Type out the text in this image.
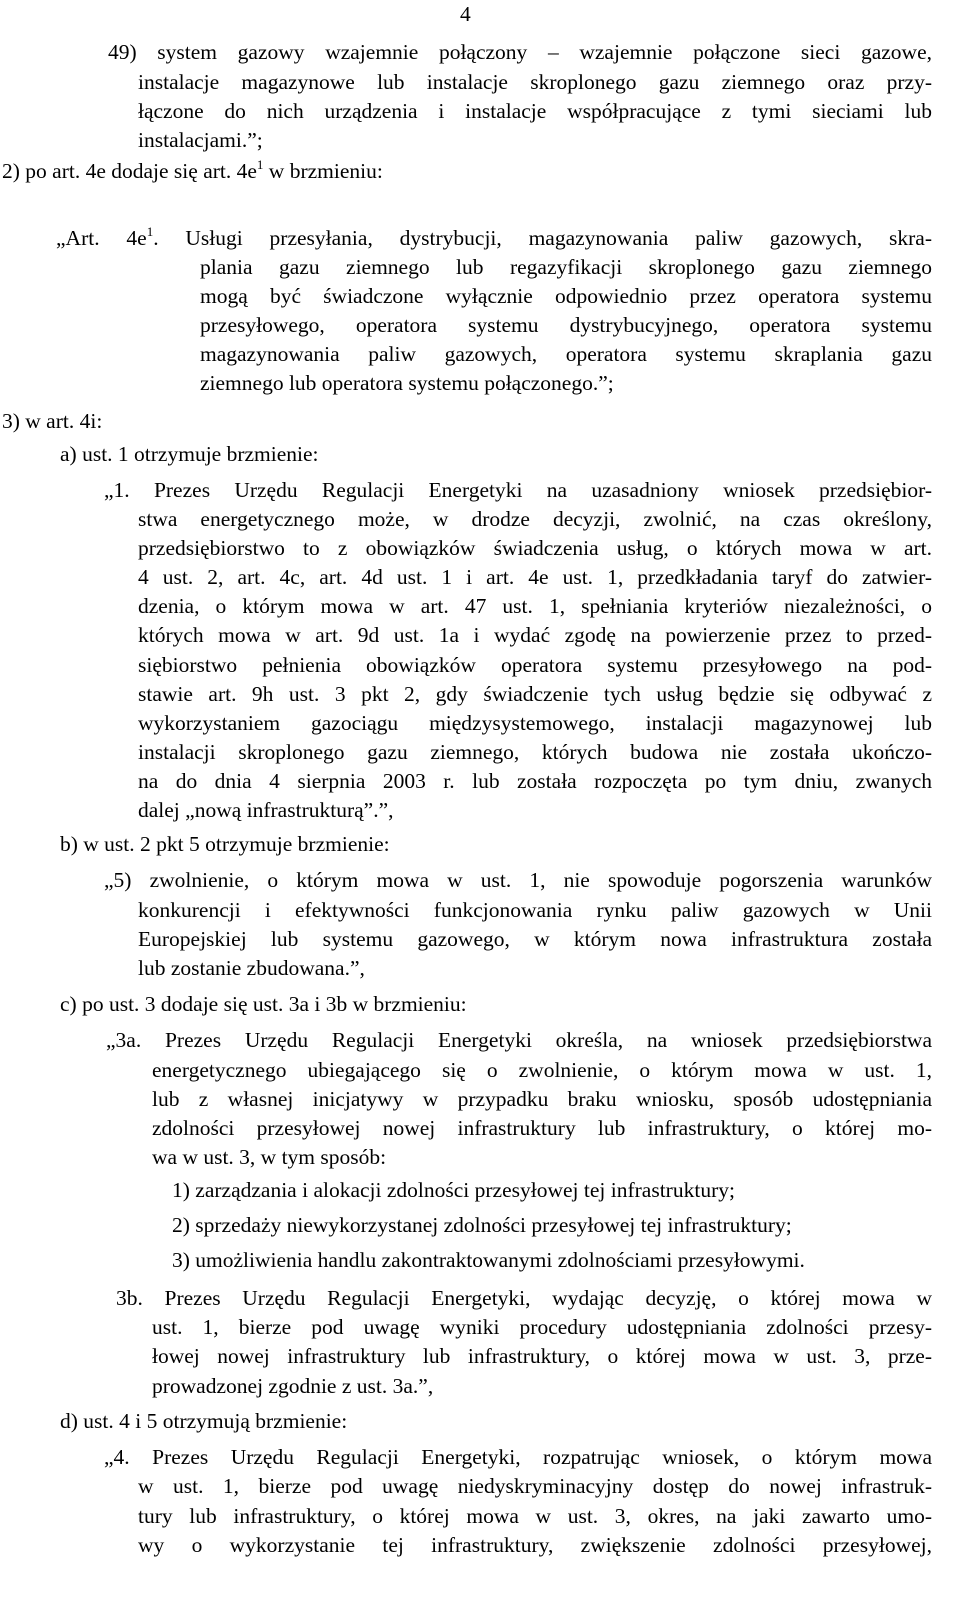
4
49) system gazowy wzajemnie połączony – wzajemnie połączone sieci gazowe,
instalacje magazynowe lub instalacje skroplonego gazu ziemnego oraz przy-
łączone do nich urządzenia i instalacje współpracujące z tymi sieciami lub
instalacjami.”;
2) po art. 4e dodaje się art. $4e^1$ w brzmieniu:
„Art. $4e^1$. Usługi przesyłania, dystrybucji, magazynowania paliw gazowych, skra-
plania gazu ziemnego lub regazyfikacji skroplonego gazu ziemnego
mogą być świadczone wyłącznie odpowiednio przez operatora systemu
przesyłowego, operatora systemu dystrybucyjnego, operatora systemu
magazynowania paliw gazowych, operatora systemu skraplania gazu
ziemnego lub operatora systemu połączonego.”;
3) w art. 4i:
a) ust. 1 otrzymuje brzmienie:
„1. Prezes Urzędu Regulacji Energetyki na uzasadniony wniosek przedsiębior-
stwa energetycznego może, w drodze decyzji, zwolnić, na czas określony,
przedsiębiorstwo to z obowiązków świadczenia usług, o których mowa w art.
4 ust. 2, art. 4c, art. 4d ust. 1 i art. 4e ust. 1, przedkładania taryf do zatwier-
dzenia, o którym mowa w art. 47 ust. 1, spełniania kryteriów niezależności, o
których mowa w art. 9d ust. 1a i wydać zgodę na powierzenie przez to przed-
siębiorstwo pełnienia obowiązków operatora systemu przesyłowego na pod-
stawie art. 9h ust. 3 pkt 2, gdy świadczenie tych usług będzie się odbywać z
wykorzystaniem gazociągu międzysystemowego, instalacji magazynowej lub
instalacji skroplonego gazu ziemnego, których budowa nie została ukończo-
na do dnia 4 sierpnia 2003 r. lub została rozpoczęta po tym dniu, zwanych
dalej „nową infrastrukturą”.”,
b) w ust. 2 pkt 5 otrzymuje brzmienie:
„5) zwolnienie, o którym mowa w ust. 1, nie spowoduje pogorszenia warunków
konkurencji i efektywności funkcjonowania rynku paliw gazowych w Unii
Europejskiej lub systemu gazowego, w którym nowa infrastruktura została
lub zostanie zbudowana.”,
c) po ust. 3 dodaje się ust. 3a i 3b w brzmieniu:
„3a. Prezes Urzędu Regulacji Energetyki określa, na wniosek przedsiębiorstwa
energetycznego ubiegającego się o zwolnienie, o którym mowa w ust. 1,
lub z własnej inicjatywy w przypadku braku wniosku, sposób udostępniania
zdolności przesyłowej nowej infrastruktury lub infrastruktury, o której mo-
wa w ust. 3, w tym sposób:
1) zarządzania i alokacji zdolności przesyłowej tej infrastruktury;
2) sprzedaży niewykorzystanej zdolności przesyłowej tej infrastruktury;
3) umożliwienia handlu zakontraktowanymi zdolnościami przesyłowymi.
3b. Prezes Urzędu Regulacji Energetyki, wydając decyzję, o której mowa w
ust. 1, bierze pod uwagę wyniki procedury udostępniania zdolności przesy-
łowej nowej infrastruktury lub infrastruktury, o której mowa w ust. 3, prze-
prowadzonej zgodnie z ust. 3a.”,
d) ust. 4 i 5 otrzymują brzmienie:
„4. Prezes Urzędu Regulacji Energetyki, rozpatrując wniosek, o którym mowa
w ust. 1, bierze pod uwagę niedyskryminacyjny dostęp do nowej infrastruk-
tury lub infrastruktury, o której mowa w ust. 3, okres, na jaki zawarto umo-
wy o wykorzystanie tej infrastruktury, zwiększenie zdolności przesyłowej,
